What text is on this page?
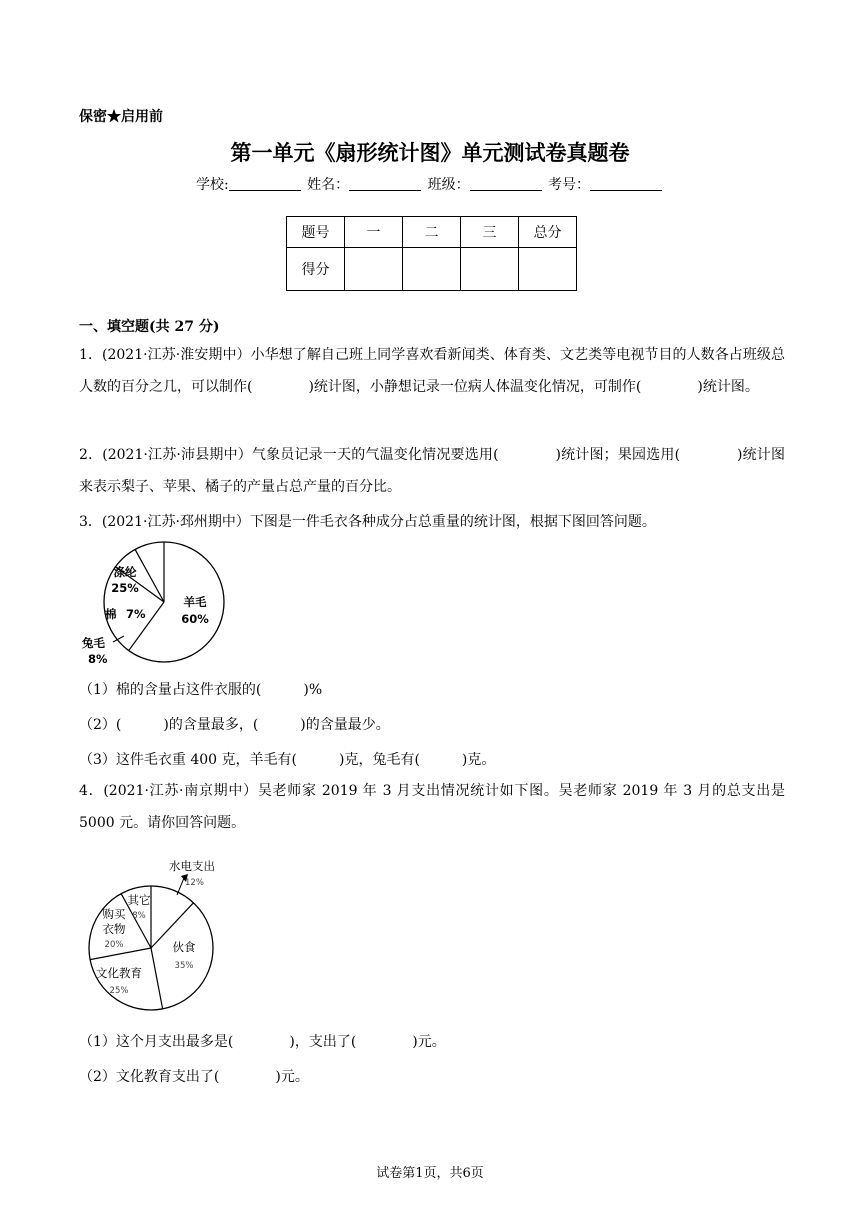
保密★启用前
第一单元《扇形统计图》单元测试卷真题卷
学校:	姓名：	班级：	考号：
题号	一	二	三	总分
得分				
一、填空题(共 27 分)
1．(2021·江苏·淮安期中）小华想了解自己班上同学喜欢看新闻类、体育类、文艺类等电视节目的人数各占班级总人数的百分之几，可以制作(　　　　)统计图，小静想记录一位病人体温变化情况，可制作(　　　　)统计图。
2．(2021·江苏·沛县期中）气象员记录一天的气温变化情况要选用(　　　　)统计图；果园选用(　　　　)统计图来表示梨子、苹果、橘子的产量占总产量的百分比。
3．(2021·江苏·邳州期中）下图是一件毛衣各种成分占总重量的统计图，根据下图回答问题。
涤纶
25%
羊毛
60%
棉 7%
兔毛
8%
（1）棉的含量占这件衣服的(　　　)%
（2）(　　　)的含量最多，(　　　)的含量最少。
（3）这件毛衣重 400 克，羊毛有(　　　)克，兔毛有(　　　)克。
4．(2021·江苏·南京期中）吴老师家 2019 年 3 月支出情况统计如下图。吴老师家 2019 年 3 月的总支出是 5000 元。请你回答问题。
水电支出
12%
伙食
35%
文化教育
25%
购买衣物
20%
其它
8%
（1）这个月支出最多是(　　　　)，支出了(　　　　)元。
（2）文化教育支出了(　　　　)元。
试卷第1页，共6页
